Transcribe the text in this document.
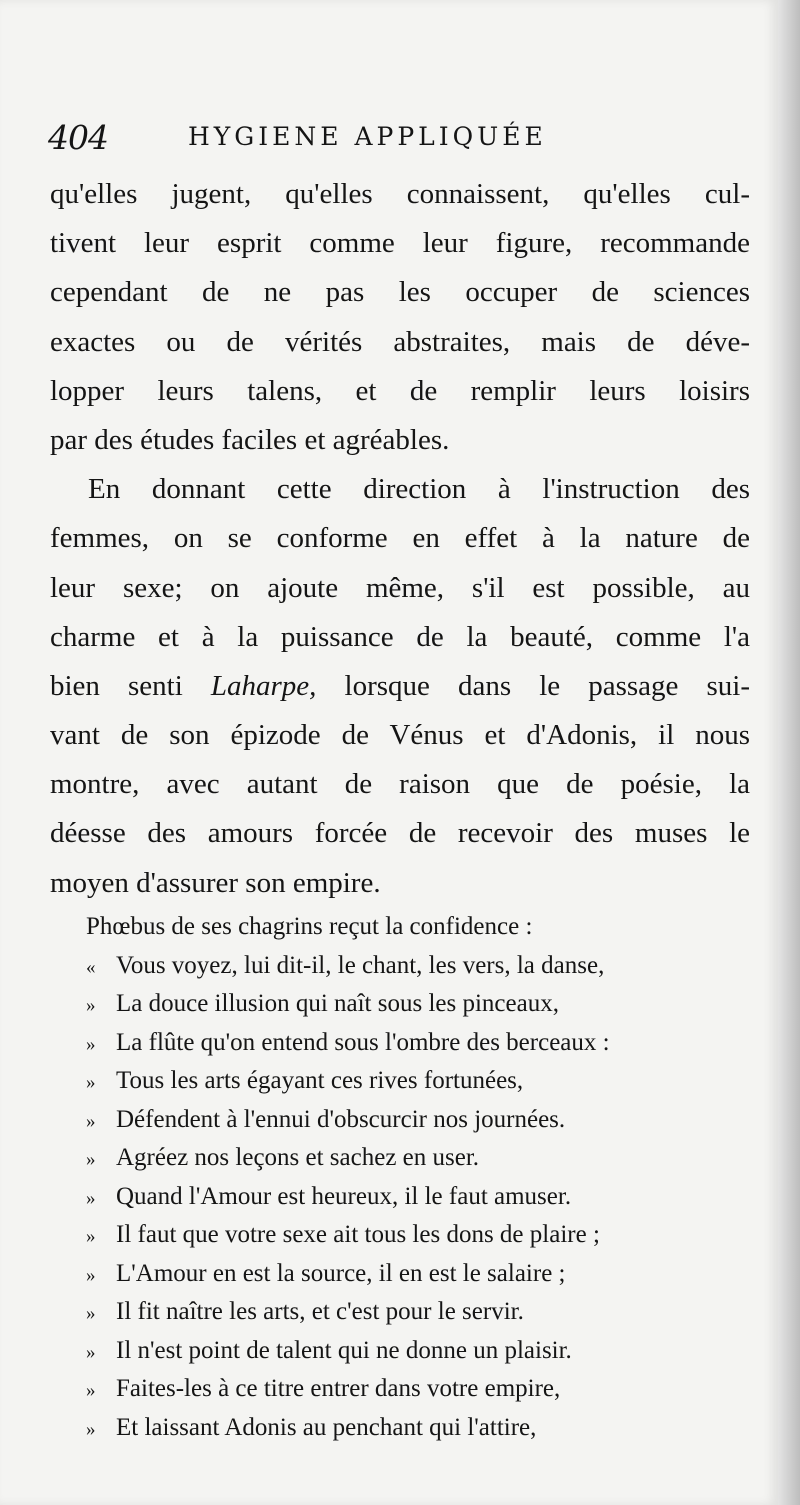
404	HYGIENE APPLIQUÉE
qu'elles jugent, qu'elles connaissent, qu'elles cul-
tivent leur esprit comme leur figure, recommande
cependant de ne pas les occuper de sciences
exactes ou de vérités abstraites, mais de déve-
lopper leurs talens, et de remplir leurs loisirs
par des études faciles et agréables.
En donnant cette direction à l'instruction des
femmes, on se conforme en effet à la nature de
leur sexe; on ajoute même, s'il est possible, au
charme et à la puissance de la beauté, comme l'a
bien senti Laharpe, lorsque dans le passage sui-
vant de son épizode de Vénus et d'Adonis, il nous
montre, avec autant de raison que de poésie, la
déesse des amours forcée de recevoir des muses le
moyen d'assurer son empire.
Phœbus de ses chagrins reçut la confidence :
« Vous voyez, lui dit-il, le chant, les vers, la danse,
» La douce illusion qui naît sous les pinceaux,
» La flûte qu'on entend sous l'ombre des berceaux :
» Tous les arts égayant ces rives fortunées,
» Défendent à l'ennui d'obscurcir nos journées.
» Agréez nos leçons et sachez en user.
» Quand l'Amour est heureux, il le faut amuser.
» Il faut que votre sexe ait tous les dons de plaire ;
» L'Amour en est la source, il en est le salaire ;
» Il fit naître les arts, et c'est pour le servir.
» Il n'est point de talent qui ne donne un plaisir.
» Faites-les à ce titre entrer dans votre empire,
» Et laissant Adonis au penchant qui l'attire,
